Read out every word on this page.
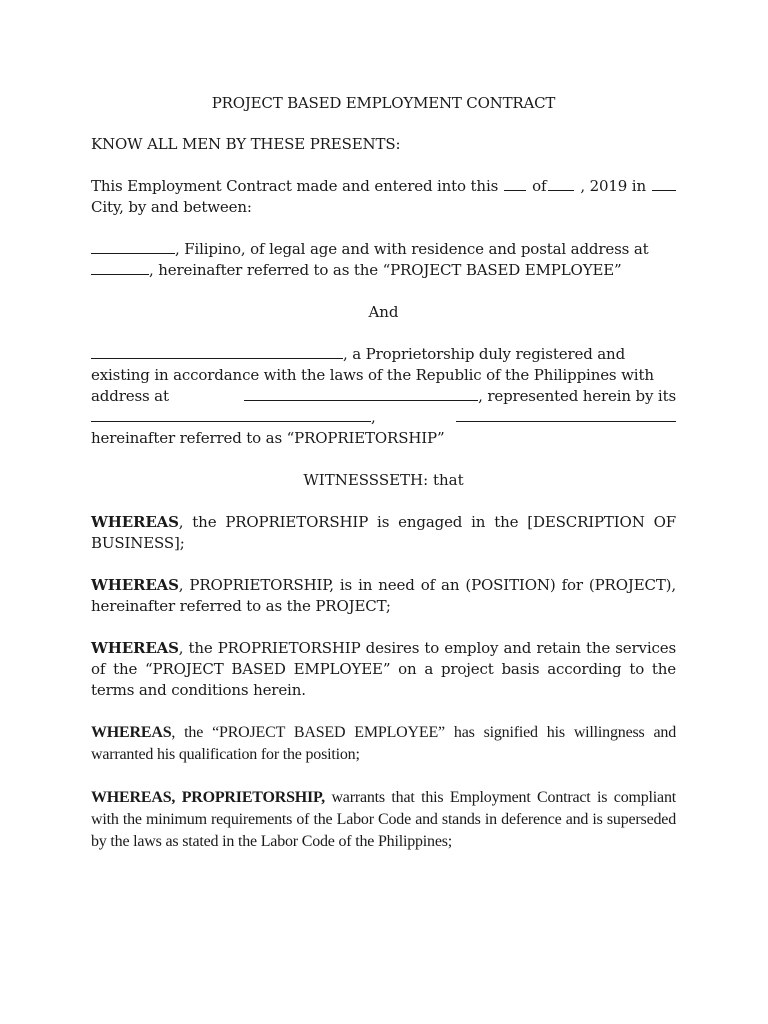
PROJECT BASED EMPLOYMENT CONTRACT
KNOW ALL MEN BY THESE PRESENTS:
This Employment Contract made and entered into this of , 2019 in
City, by and between:
, Filipino, of legal age and with residence and postal address at
, hereinafter referred to as the “PROJECT BASED EMPLOYEE”
And
, a Proprietorship duly registered and
existing in accordance with the laws of the Republic of the Philippines with
address at	, represented herein by its
,
hereinafter referred to as “PROPRIETORSHIP”
WITNESSSETH: that
WHEREAS, the PROPRIETORSHIP is engaged in the [DESCRIPTION OF BUSINESS];
WHEREAS, PROPRIETORSHIP, is in need of an (POSITION) for (PROJECT), hereinafter referred to as the PROJECT;
WHEREAS, the PROPRIETORSHIP desires to employ and retain the services of the “PROJECT BASED EMPLOYEE” on a project basis according to the terms and conditions herein.
WHEREAS, the “PROJECT BASED EMPLOYEE” has signified his willingness and warranted his qualification for the position;
WHEREAS, PROPRIETORSHIP, warrants that this Employment Contract is compliant with the minimum requirements of the Labor Code and stands in deference and is superseded by the laws as stated in the Labor Code of the Philippines;
